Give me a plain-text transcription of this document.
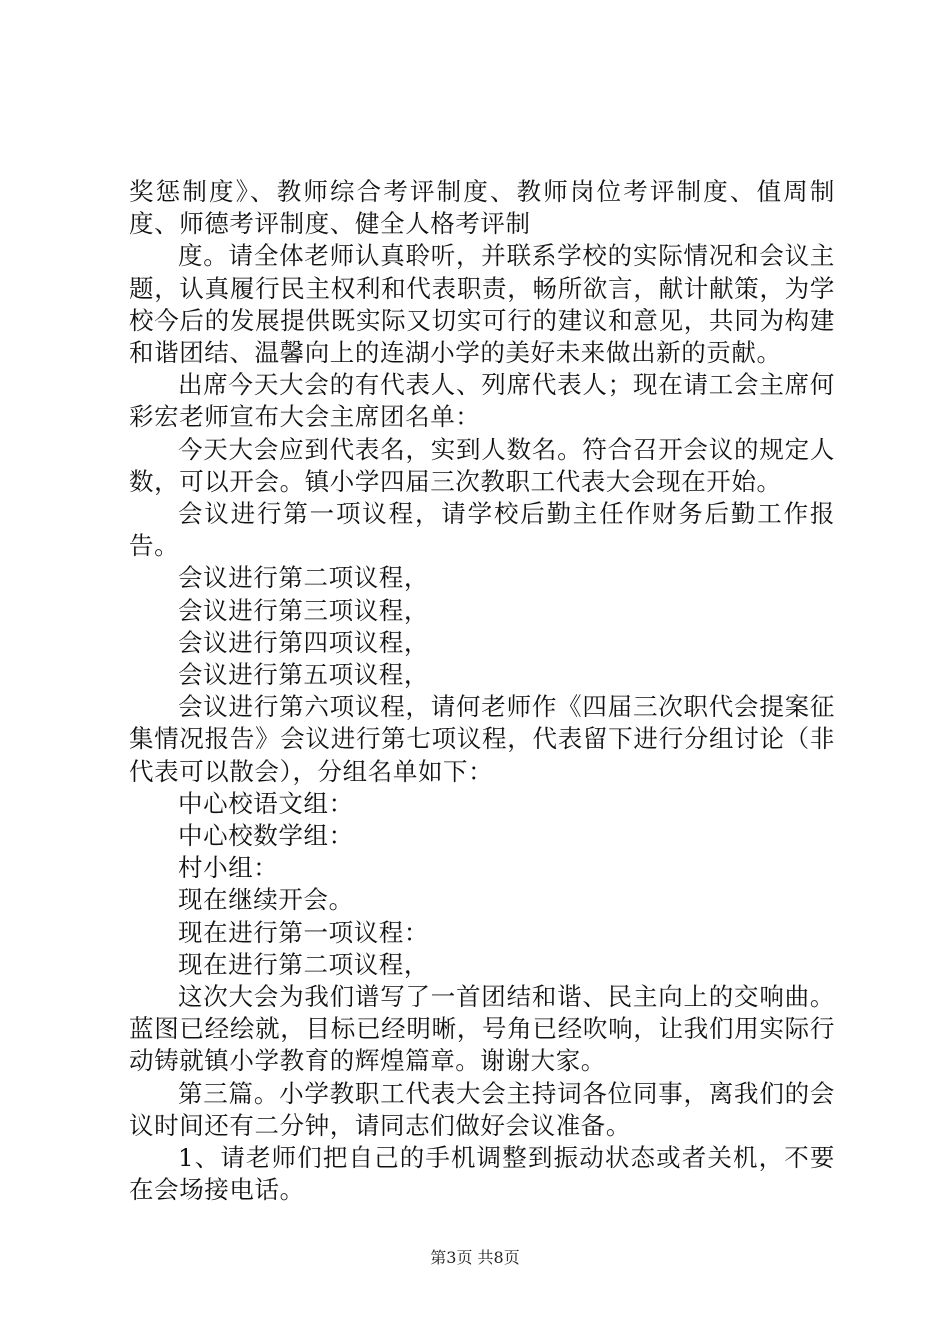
奖惩制度》、教师综合考评制度、教师岗位考评制度、值周制度、师德考评制度、健全人格考评制

度。请全体老师认真聆听，并联系学校的实际情况和会议主题，认真履行民主权利和代表职责，畅所欲言，献计献策，为学校今后的发展提供既实际又切实可行的建议和意见，共同为构建和谐团结、温馨向上的连湖小学的美好未来做出新的贡献。

出席今天大会的有代表人、列席代表人；现在请工会主席何彩宏老师宣布大会主席团名单：

今天大会应到代表名，实到人数名。符合召开会议的规定人数，可以开会。镇小学四届三次教职工代表大会现在开始。

会议进行第一项议程，请学校后勤主任作财务后勤工作报告。

会议进行第二项议程，

会议进行第三项议程，

会议进行第四项议程，

会议进行第五项议程，

会议进行第六项议程，请何老师作《四届三次职代会提案征集情况报告》会议进行第七项议程，代表留下进行分组讨论（非代表可以散会），分组名单如下：

中心校语文组：

中心校数学组：

村小组：

现在继续开会。

现在进行第一项议程：

现在进行第二项议程，

这次大会为我们谱写了一首团结和谐、民主向上的交响曲。蓝图已经绘就，目标已经明晰，号角已经吹响，让我们用实际行动铸就镇小学教育的辉煌篇章。谢谢大家。

第三篇。小学教职工代表大会主持词各位同事，离我们的会议时间还有二分钟，请同志们做好会议准备。

1、请老师们把自己的手机调整到振动状态或者关机，不要在会场接电话。

第3页 共8页
